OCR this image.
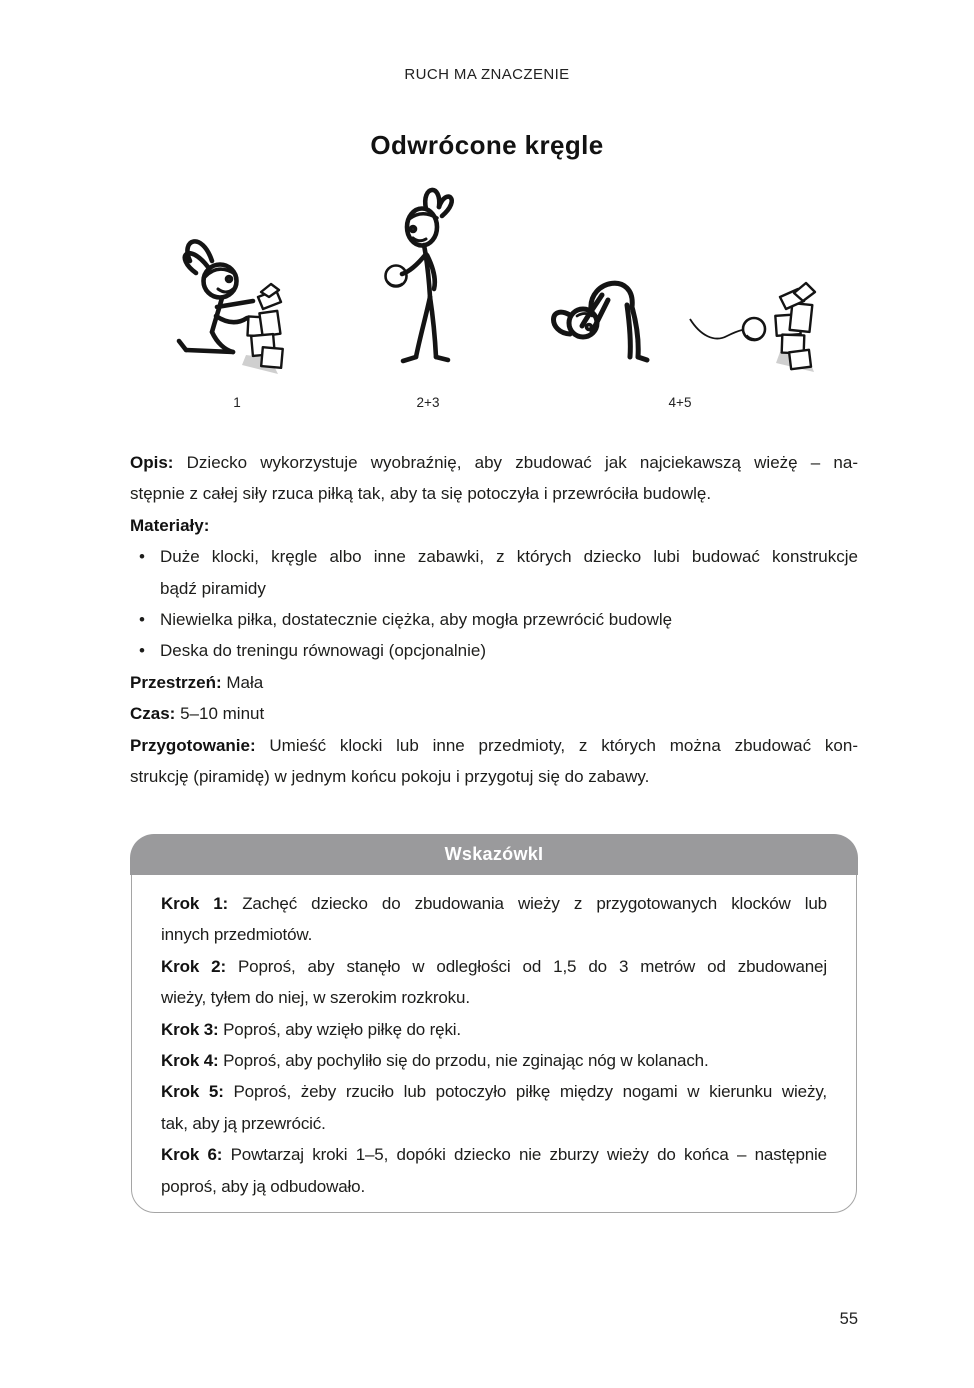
RUCH MA ZNACZENIE
Odwrócone kręgle
1	2+3	4+5
Opis: Dziecko wykorzystuje wyobraźnię, aby zbudować jak najciekawszą wieżę – na-
stępnie z całej siły rzuca piłką tak, aby ta się potoczyła i przewróciła budowlę.
Materiały:
• Duże klocki, kręgle albo inne zabawki, z których dziecko lubi budować konstrukcje
bądź piramidy
• Niewielka piłka, dostatecznie ciężka, aby mogła przewrócić budowlę
• Deska do treningu równowagi (opcjonalnie)
Przestrzeń: Mała
Czas: 5–10 minut
Przygotowanie: Umieść klocki lub inne przedmioty, z których można zbudować kon-
strukcję (piramidę) w jednym końcu pokoju i przygotuj się do zabawy.
WskazówkI
Krok 1: Zachęć dziecko do zbudowania wieży z przygotowanych klocków lub
innych przedmiotów.
Krok 2: Poproś, aby stanęło w odległości od 1,5 do 3 metrów od zbudowanej
wieży, tyłem do niej, w szerokim rozkroku.
Krok 3: Poproś, aby wzięło piłkę do ręki.
Krok 4: Poproś, aby pochyliło się do przodu, nie zginając nóg w kolanach.
Krok 5: Poproś, żeby rzuciło lub potoczyło piłkę między nogami w kierunku wieży,
tak, aby ją przewrócić.
Krok 6: Powtarzaj kroki 1–5, dopóki dziecko nie zburzy wieży do końca – następnie
poproś, aby ją odbudowało.
55
